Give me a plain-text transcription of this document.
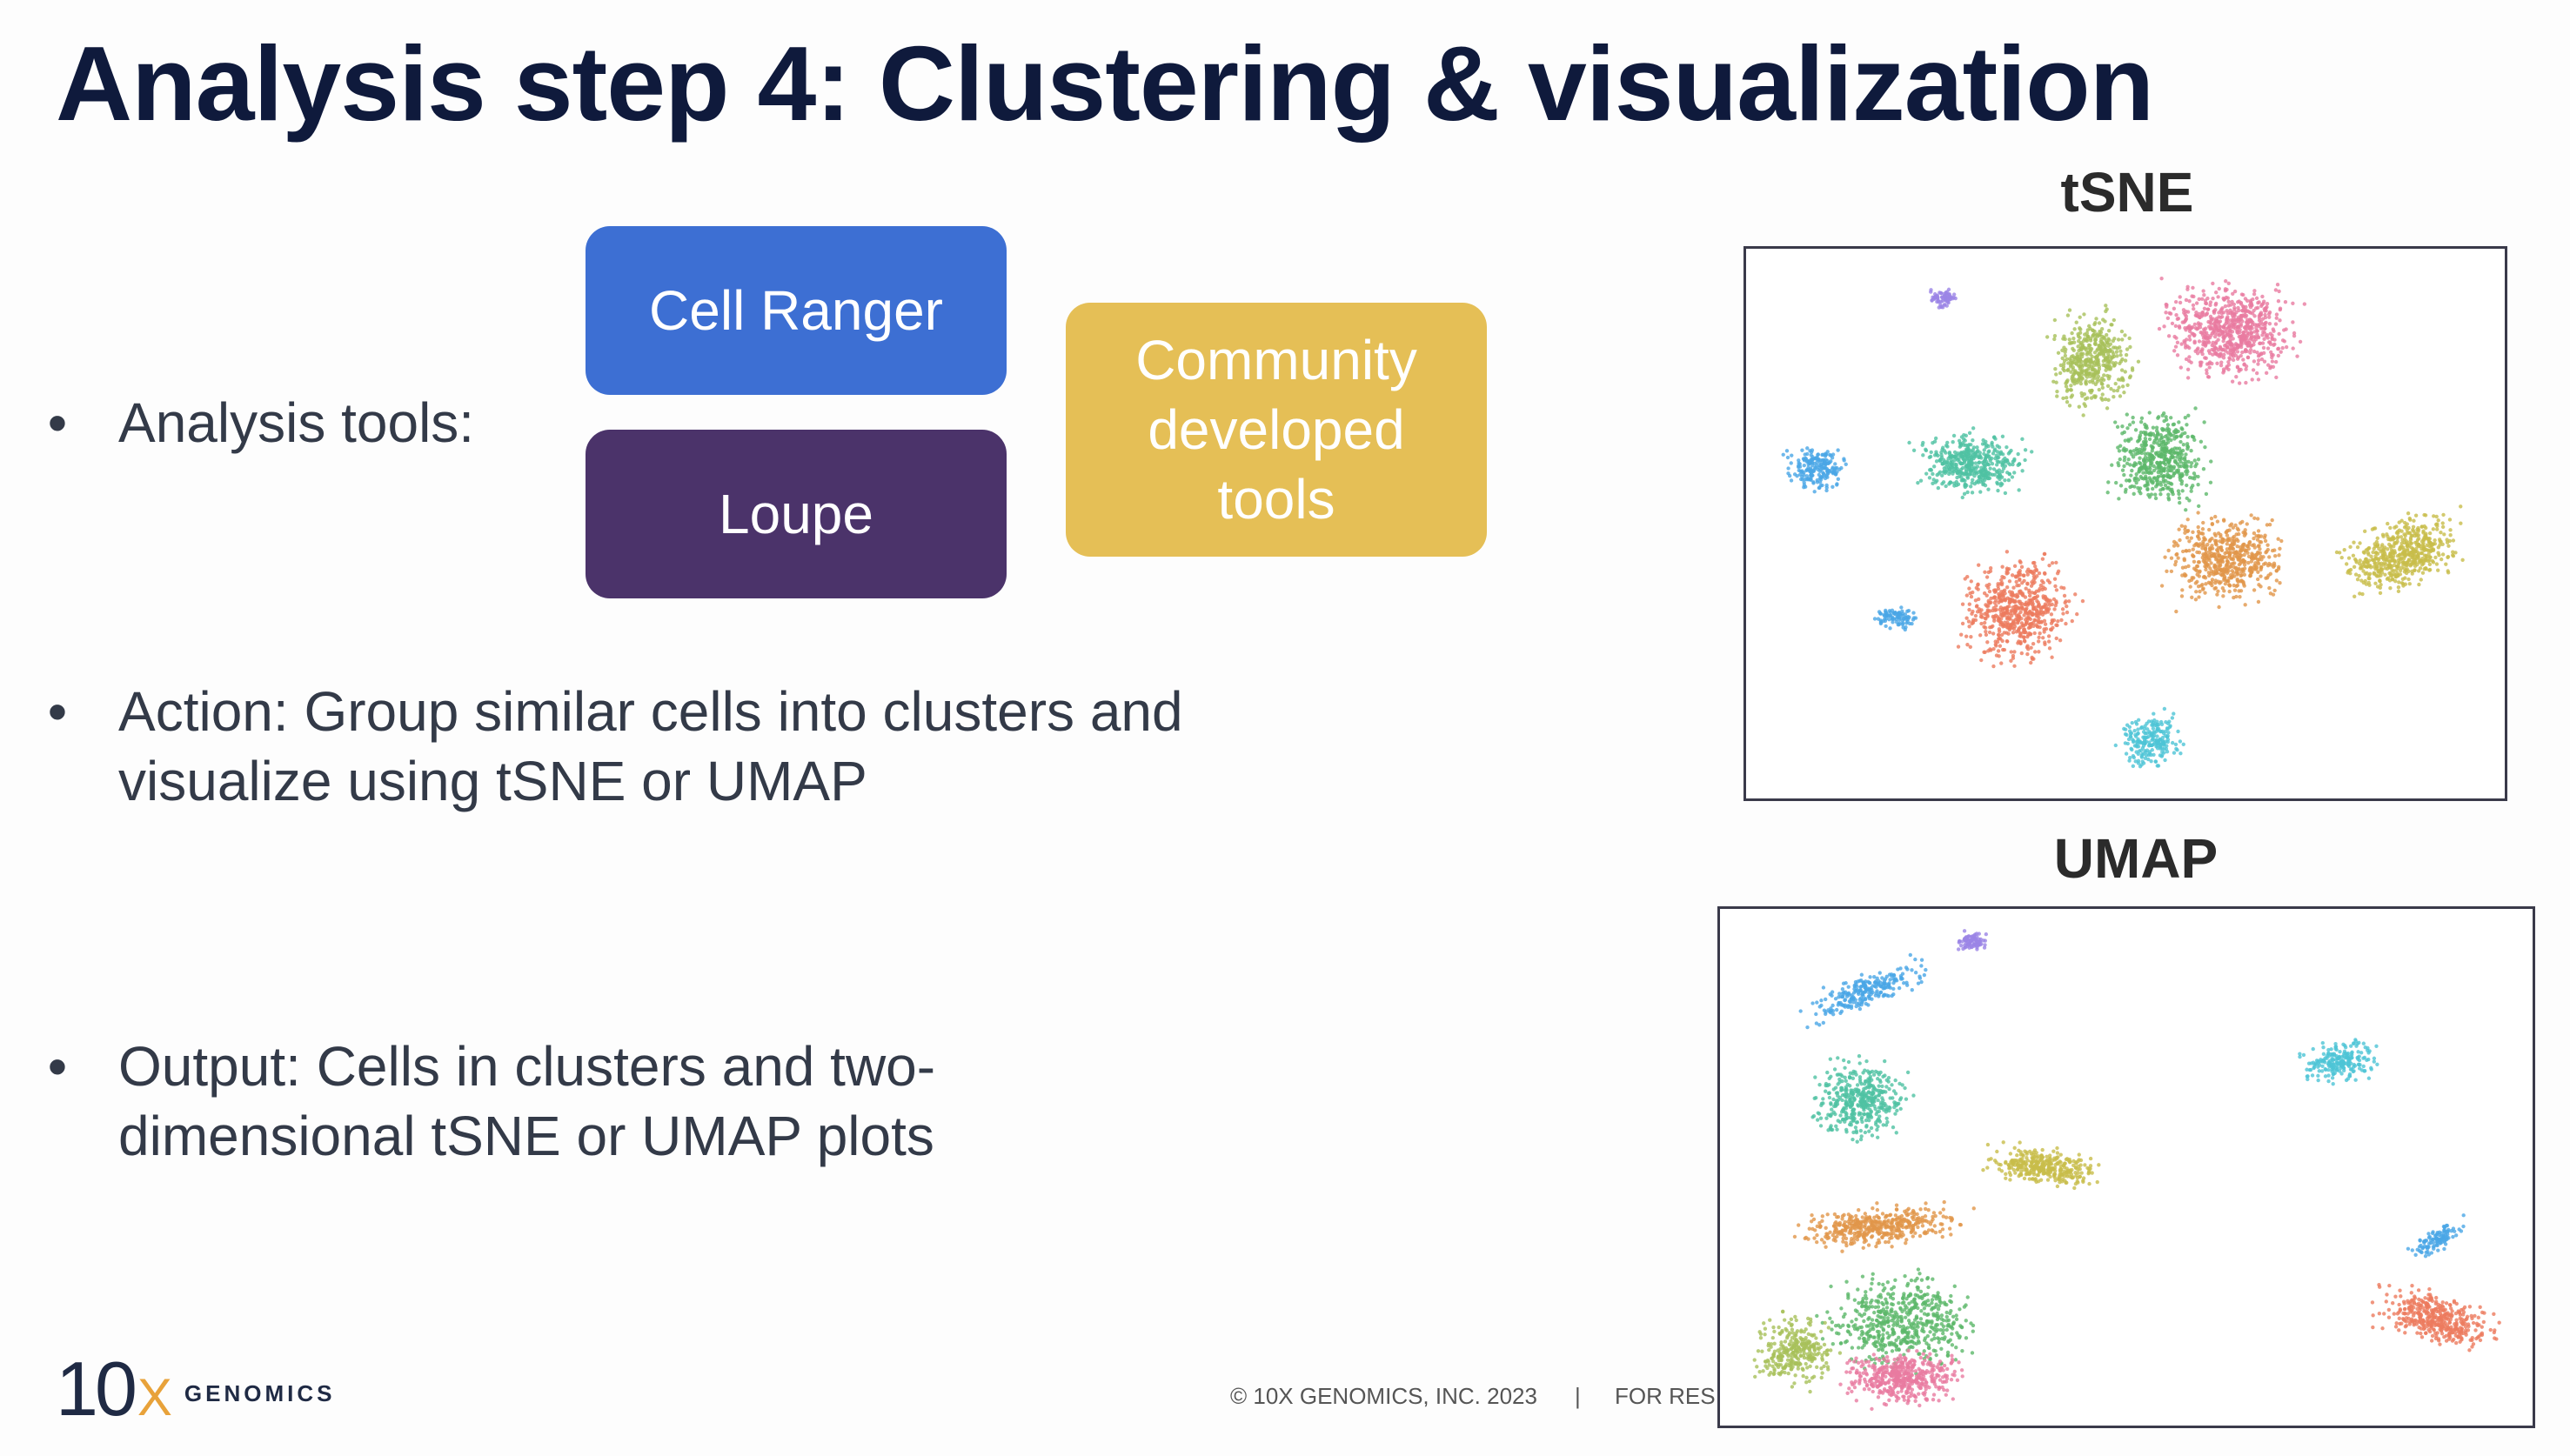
Analysis step 4: Clustering & visualization
• Analysis tools:
Cell Ranger
Loupe
Community
developed
tools
• Action: Group similar cells into clusters and
visualize using tSNE or UMAP
• Output: Cells in clusters and two-
dimensional tSNE or UMAP plots
tSNE
UMAP
10 X GENOMICS	© 10X GENOMICS, INC. 2023 | FOR RES
